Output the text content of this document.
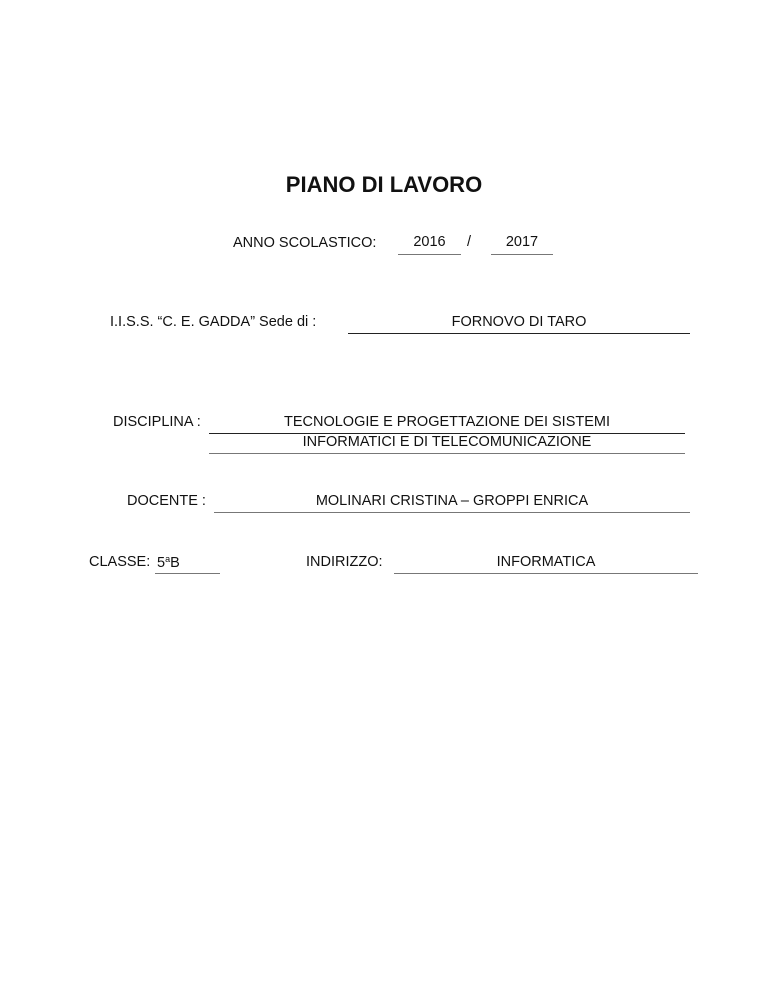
PIANO DI LAVORO
ANNO SCOLASTICO:	2016	/	2017
I.I.S.S. “C. E. GADDA” Sede di :	FORNOVO DI TARO
DISCIPLINA :	TECNOLOGIE E PROGETTAZIONE DEI SISTEMI
INFORMATICI E DI TELECOMUNICAZIONE
DOCENTE :	MOLINARI CRISTINA – GROPPI ENRICA
CLASSE: 5$^a$B	INDIRIZZO:	INFORMATICA
